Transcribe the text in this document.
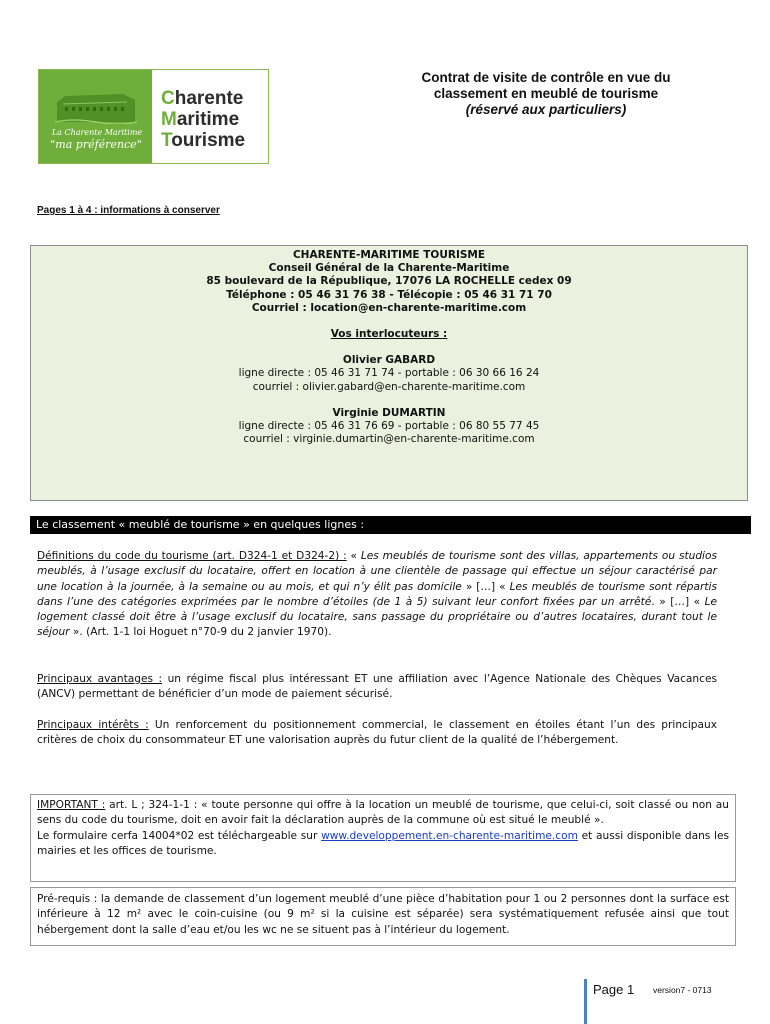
La Charente Maritime
"ma préférence"
Charente
Maritime
Tourisme
Contrat de visite de contrôle en vue du
classement en meublé de tourisme
(réservé aux particuliers)
Pages 1 à 4 : informations à conserver
CHARENTE-MARITIME TOURISME
Conseil Général de la Charente-Maritime
85 boulevard de la République, 17076 LA ROCHELLE cedex 09
Téléphone : 05 46 31 76 38 - Télécopie : 05 46 31 71 70
Courriel : location@en-charente-maritime.com
Vos interlocuteurs :
Olivier GABARD
ligne directe : 05 46 31 71 74 - portable : 06 30 66 16 24
courriel : olivier.gabard@en-charente-maritime.com
Virginie DUMARTIN
ligne directe : 05 46 31 76 69 - portable : 06 80 55 77 45
courriel : virginie.dumartin@en-charente-maritime.com
Le classement « meublé de tourisme » en quelques lignes :
Définitions du code du tourisme (art. D324-1 et D324-2) : « Les meublés de tourisme sont des villas, appartements ou studios meublés, à l’usage exclusif du locataire, offert en location à une clientèle de passage qui effectue un séjour caractérisé par une location à la journée, à la semaine ou au mois, et qui n’y élit pas domicile » […] « Les meublés de tourisme sont répartis dans l’une des catégories exprimées par le nombre d’étoiles (de 1 à 5) suivant leur confort fixées par un arrêté. » […] « Le logement classé doit être à l’usage exclusif du locataire, sans passage du propriétaire ou d’autres locataires, durant tout le séjour ». (Art. 1-1 loi Hoguet n°70-9 du 2 janvier 1970).
Principaux avantages : un régime fiscal plus intéressant ET une affiliation avec l’Agence Nationale des Chèques Vacances (ANCV) permettant de bénéficier d’un mode de paiement sécurisé.
Principaux intérêts : Un renforcement du positionnement commercial, le classement en étoiles étant l’un des principaux critères de choix du consommateur ET une valorisation auprès du futur client de la qualité de l’hébergement.
IMPORTANT : art. L ; 324-1-1 : « toute personne qui offre à la location un meublé de tourisme, que celui-ci, soit classé ou non au sens du code du tourisme, doit en avoir fait la déclaration auprès de la commune où est situé le meublé ».
Le formulaire cerfa 14004*02 est téléchargeable sur www.developpement.en-charente-maritime.com et aussi disponible dans les mairies et les offices de tourisme.
Pré-requis : la demande de classement d’un logement meublé d’une pièce d’habitation pour 1 ou 2 personnes dont la surface est inférieure à 12 m² avec le coin-cuisine (ou 9 m² si la cuisine est séparée) sera systématiquement refusée ainsi que tout hébergement dont la salle d’eau et/ou les wc ne se situent pas à l’intérieur du logement.
Page 1 version7 - 0713
